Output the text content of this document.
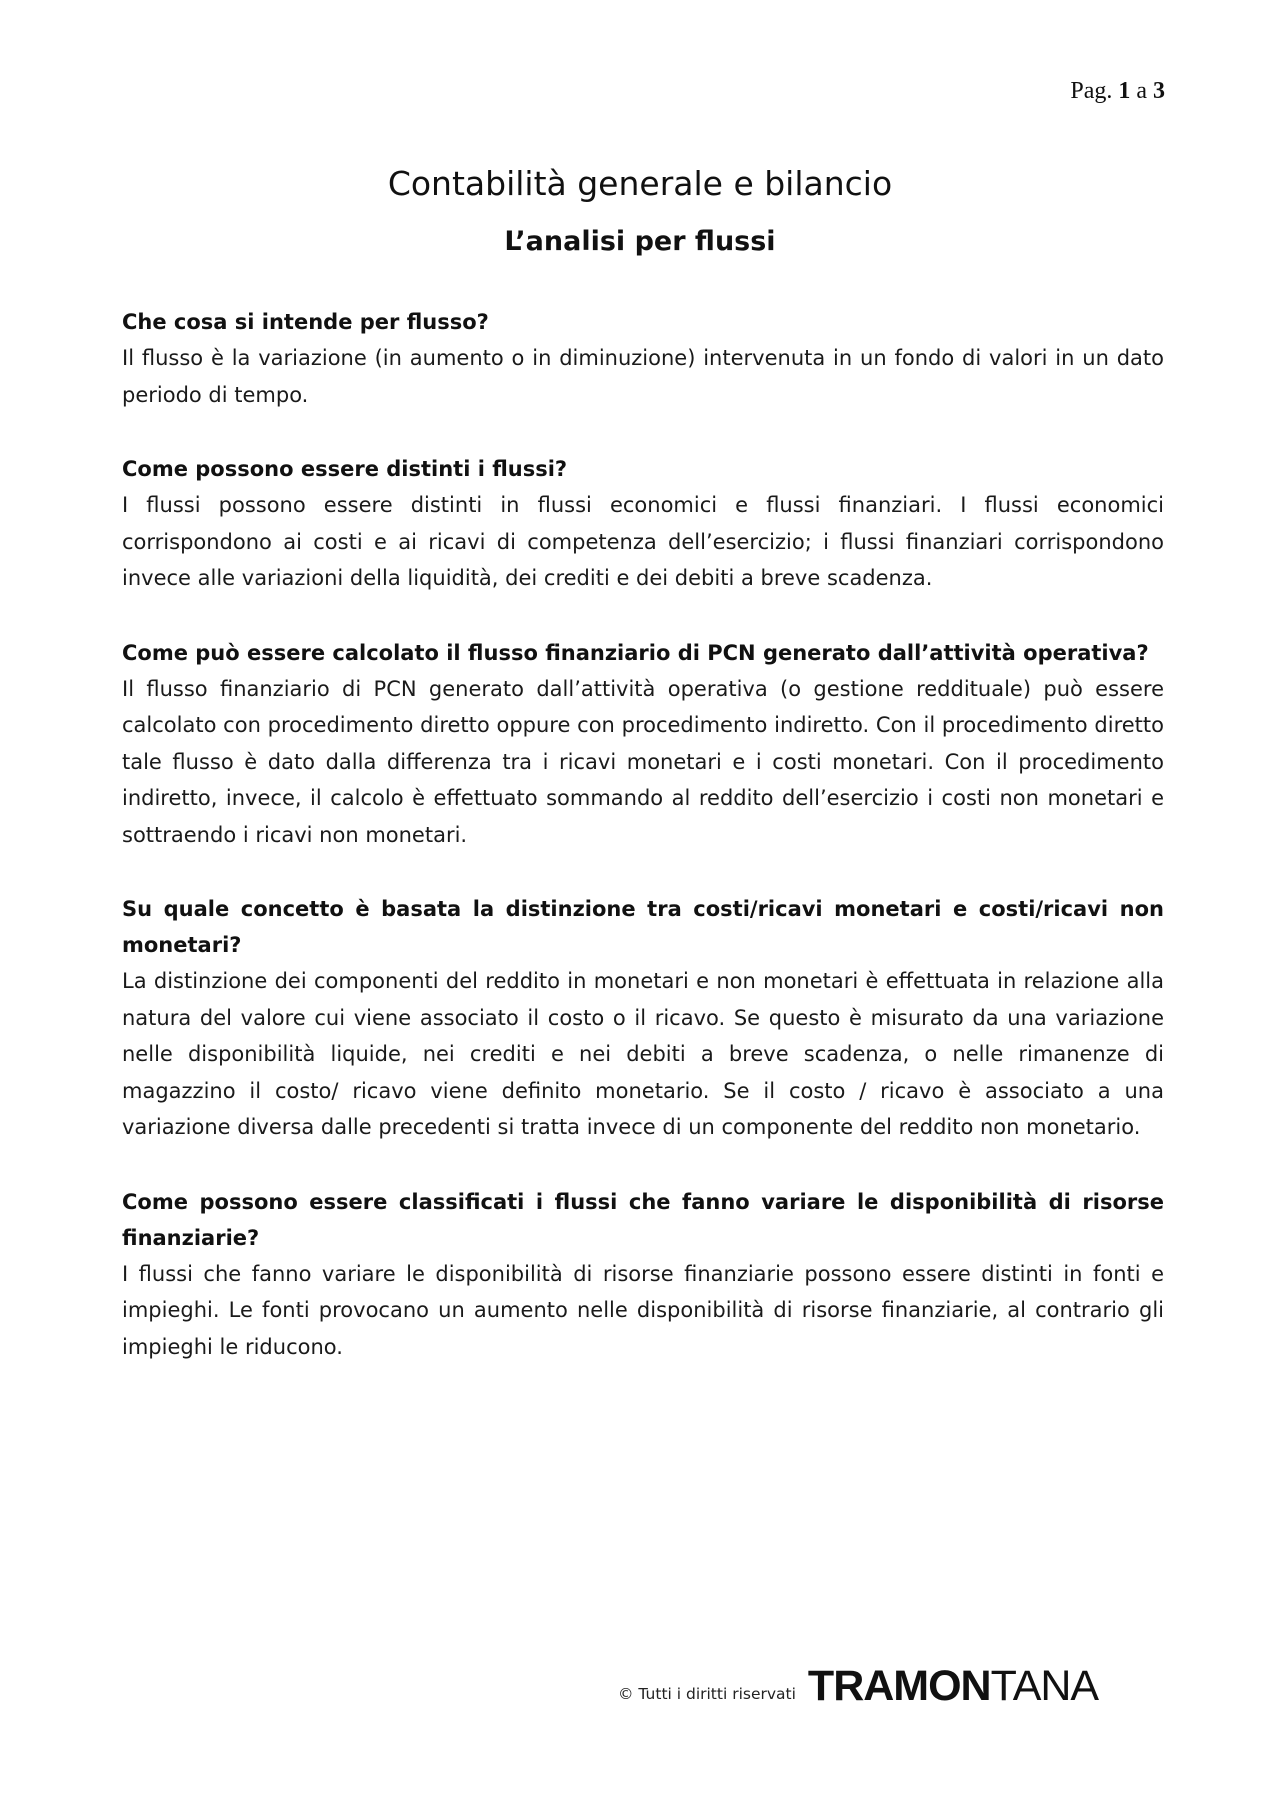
Pag. 1 a 3
Contabilità generale e bilancio
L’analisi per flussi

Che cosa si intende per flusso?

Il flusso è la variazione (in aumento o in diminuzione) intervenuta in un fondo di valori in un dato periodo di tempo.

Come possono essere distinti i flussi?

I flussi possono essere distinti in flussi economici e flussi finanziari. I flussi economici corrispondono ai costi e ai ricavi di competenza dell’esercizio; i flussi finanziari corrispondono invece alle variazioni della liquidità, dei crediti e dei debiti a breve scadenza.

Come può essere calcolato il flusso finanziario di PCN generato dall’attività operativa?

Il flusso finanziario di PCN generato dall’attività operativa (o gestione reddituale) può essere calcolato con procedimento diretto oppure con procedimento indiretto. Con il procedimento diretto tale flusso è dato dalla differenza tra i ricavi monetari e i costi monetari. Con il procedimento indiretto, invece, il calcolo è effettuato sommando al reddito dell’esercizio i costi non monetari e sottraendo i ricavi non monetari.

Su quale concetto è basata la distinzione tra costi/ricavi monetari e costi/ricavi non monetari?

La distinzione dei componenti del reddito in monetari e non monetari è effettuata in relazione alla natura del valore cui viene associato il costo o il ricavo. Se questo è misurato da una variazione nelle disponibilità liquide, nei crediti e nei debiti a breve scadenza, o nelle rimanenze di magazzino il costo/ ricavo viene definito monetario. Se il costo / ricavo è associato a una variazione diversa dalle precedenti si tratta invece di un componente del reddito non monetario.

Come possono essere classificati i flussi che fanno variare le disponibilità di risorse finanziarie?

I flussi che fanno variare le disponibilità di risorse finanziarie possono essere distinti in fonti e impieghi. Le fonti provocano un aumento nelle disponibilità di risorse finanziarie, al contrario gli impieghi le riducono.

© Tutti i diritti riservati TRAMONTANA
